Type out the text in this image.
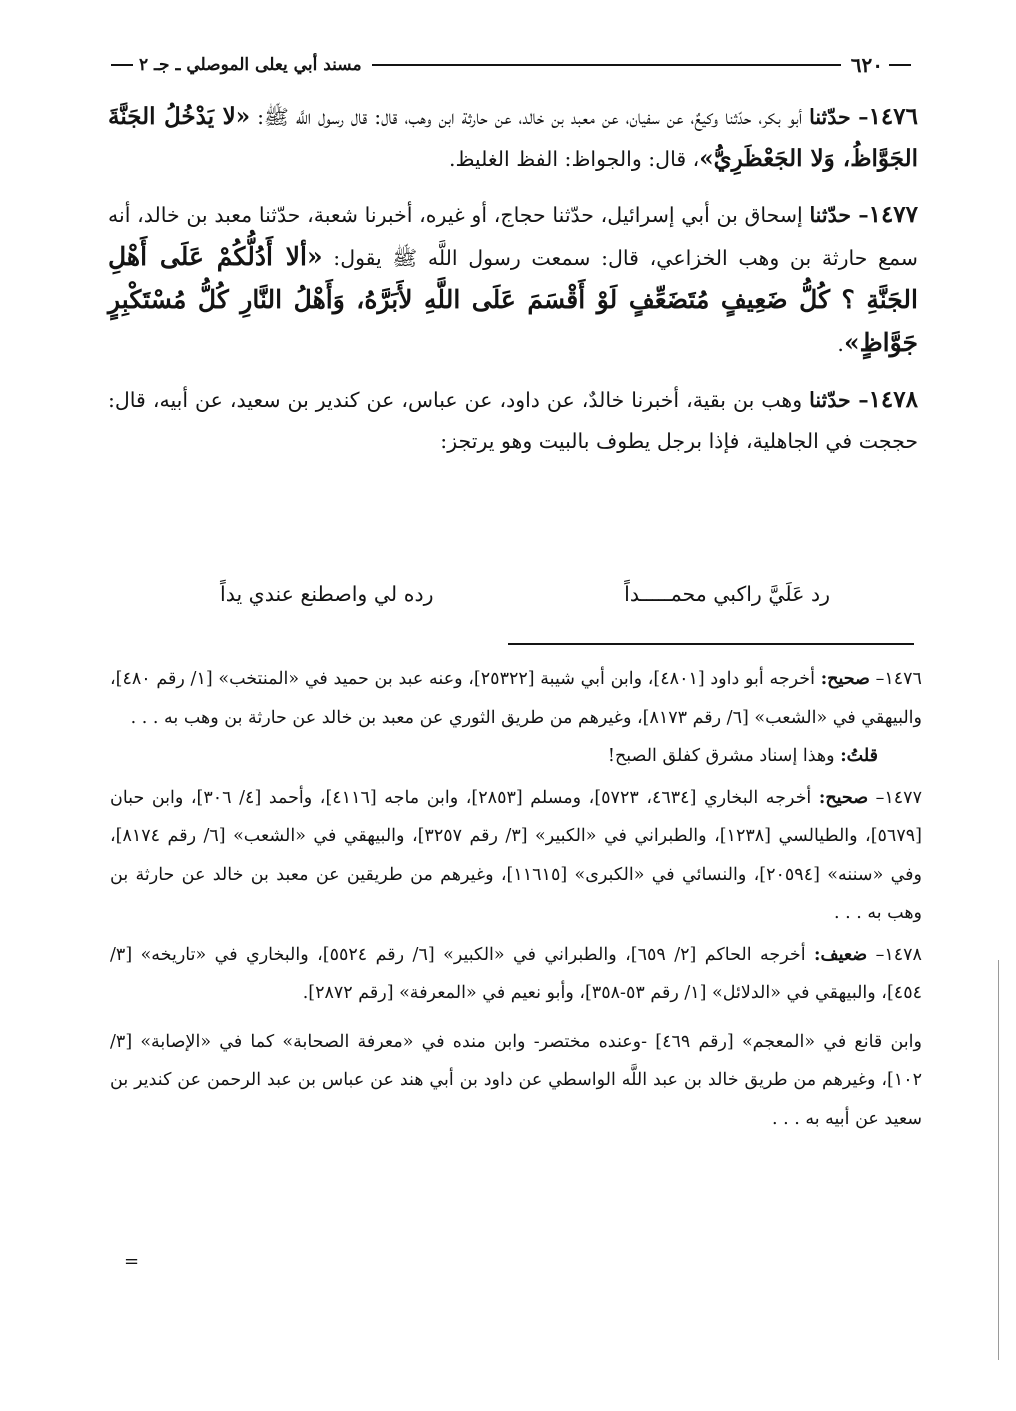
مسند أبي يعلى الموصلي ـ جـ ٢	٦٢٠

١٤٧٦– حدّثنا أبو بكر، حدّثنا وكيعٌ، عن سفيان، عن معبد بن خالد، عن حارثة ابن وهب، قال: قال رسول اللَّه ﷺ: «لا يَدْخُلُ الجَنَّةَ الجَوَّاظُ، وَلا الجَعْظَرِيُّ»، قال: والجواظ: الفظ الغليظ.

١٤٧٧– حدّثنا إسحاق بن أبي إسرائيل، حدّثنا حجاج، أو غيره، أخبرنا شعبة، حدّثنا معبد بن خالد، أنه سمع حارثة بن وهب الخزاعي، قال: سمعت رسول اللَّه ﷺ يقول: «ألا أَدُلُّكُمْ عَلَى أَهْلِ الجَنَّةِ ؟ كُلُّ ضَعِيفٍ مُتَضَعِّفٍ لَوْ أَقْسَمَ عَلَى اللَّهِ لأَبَرَّهُ، وَأَهْلُ النَّارِ كُلُّ مُسْتَكْبِرٍ جَوَّاظٍ».

١٤٧٨– حدّثنا وهب بن بقية، أخبرنا خالدٌ، عن داود، عن عباس، عن كندير بن سعيد، عن أبيه، قال: حججت في الجاهلية، فإذا برجل يطوف بالبيت وهو يرتجز:

رد عَلَيَّ راكبي محمـــــداً
رده لي واصطنع عندي يداً
١٤٧٦– صحيح: أخرجه أبو داود [٤٨٠١]، وابن أبي شيبة [٢٥٣٢٢]، وعنه عبد بن حميد في «المنتخب» [١/ رقم ٤٨٠]، والبيهقي في «الشعب» [٦/ رقم ٨١٧٣]، وغيرهم من طريق الثوري عن معبد بن خالد عن حارثة بن وهب به . . .
قلتُ: وهذا إسناد مشرق كفلق الصبح!
١٤٧٧– صحيح: أخرجه البخاري [٤٦٣٤، ٥٧٢٣]، ومسلم [٢٨٥٣]، وابن ماجه [٤١١٦]، وأحمد [٤/ ٣٠٦]، وابن حبان [٥٦٧٩]، والطيالسي [١٢٣٨]، والطبراني في «الكبير» [٣/ رقم ٣٢٥٧]، والبيهقي في «الشعب» [٦/ رقم ٨١٧٤]، وفي «سننه» [٢٠٥٩٤]، والنسائي في «الكبرى» [١١٦١٥]، وغيرهم من طريقين عن معبد بن خالد عن حارثة بن وهب به . . .
١٤٧٨– ضعيف: أخرجه الحاكم [٢/ ٦٥٩]، والطبراني في «الكبير» [٦/ رقم ٥٥٢٤]، والبخاري في «تاريخه» [٣/ ٤٥٤]، والبيهقي في «الدلائل» [١/ رقم ٥٣-٣٥٨]، وأبو نعيم في «المعرفة» [رقم ٢٨٧٢].
وابن قانع في «المعجم» [رقم ٤٦٩] -وعنده مختصر- وابن منده في «معرفة الصحابة» كما في «الإصابة» [٣/ ١٠٢]، وغيرهم من طريق خالد بن عبد اللَّه الواسطي عن داود بن أبي هند عن عباس بن عبد الرحمن عن كندير بن سعيد عن أبيه به . . .
=
